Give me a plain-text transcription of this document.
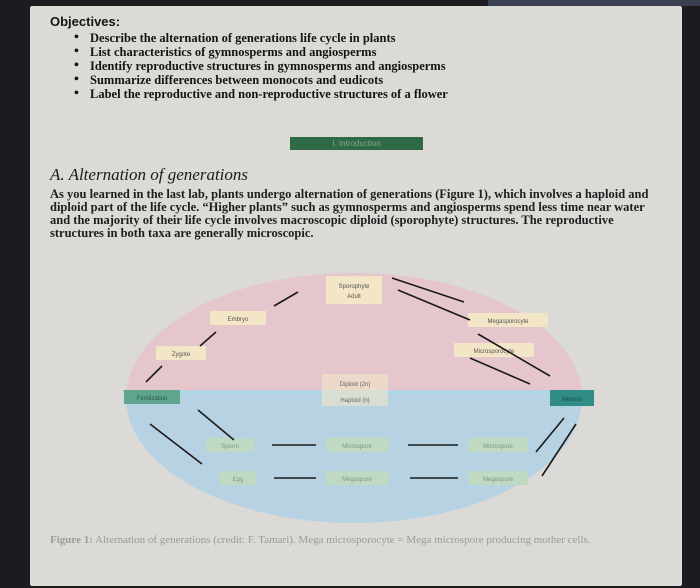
Objectives:
• Describe the alternation of generations life cycle in plants
• List characteristics of gymnosperms and angiosperms
• Identify reproductive structures in gymnosperms and angiosperms
• Summarize differences between monocots and eudicots
• Label the reproductive and non-reproductive structures of a flower
I. Introduction
A. Alternation of generations
As you learned in the last lab, plants undergo alternation of generations (Figure 1), which involves a haploid and diploid part of the life cycle. “Higher plants” such as gymnosperms and angiosperms spend less time near water and the majority of their life cycle involves macroscopic diploid (sporophyte) structures. The reproductive structures in both taxa are generally microscopic.
Sporophyte
Adult
Embryo	Megasporocyte
Microsporocyte
Zygote
Fertilization	Meiosis
Diploid (2n)
Haploid (n)
Sperm	Microspore	Microspore
Egg	Megaspore	Megaspore
Figure 1: Alternation of generations (credit: F. Tamari). Mega microsporocyte = Mega microspore producing mother cells.
